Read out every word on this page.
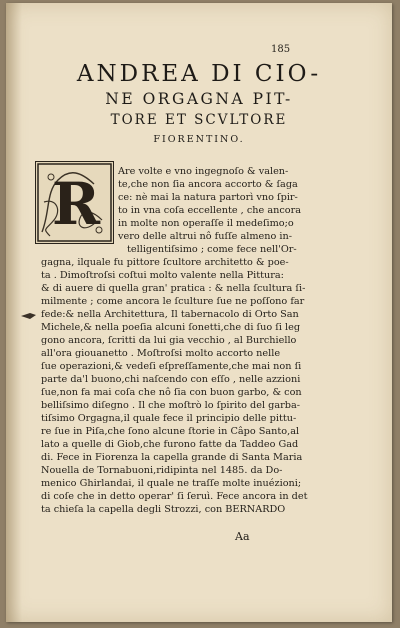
185
ANDREA DI CIO-
NE ORGAGNA PIT-
TORE ET SCVLTORE
FIORENTINO.
R Are volte e vno ingegnoſo & valen-
te,che non ſia ancora accorto & ſaga
ce: nè mai la natura partorì vno ſpir-
to in vna coſa eccellente , che ancora
in molte non operaſſe il medeſimo;o
vero delle altrui nô fuſſe almeno in-
telligentiſsimo ; come fece nell'Or-
gagna, ilquale fu pittore ſcultore architetto & poe-
ta . Dimoſtroſsi coſtui molto valente nella Pittura:
& di auere di quella gran' pratica : & nella ſcultura ſi-
milmente ; come ancora le ſculture ſue ne poſſono far
fede:& nella Architettura, Il tabernacolo di Orto San
Michele,& nella poeſia alcuni ſonetti,che di ſuo ſi leg
gono ancora, ſcritti da lui gia vecchio , al Burchiello
all'ora giouanetto . Moſtroſsi molto accorto nelle
ſue operazioni,& vedeſi eſpreſſamente,che mai non ſi
parte da'l buono,chi naſcendo con eſſo , nelle azzioni
ſue,non fa mai coſa che nô ſia con buon garbo, & con
belliſsimo diſegno . Il che moſtrò lo ſpirito del garba-
tiſsimo Orgagna,il quale fece il principio delle pittu-
re ſue in Piſa,che ſono alcune ſtorie in Câpo Santo,al
lato a quelle di Giob,che furono fatte da Taddeo Gad
di. Fece in Fiorenza la capella grande di Santa Maria
Nouella de Tornabuoni,ridipinta nel 1485. da Do-
menico Ghirlandai, il quale ne traſſe molte inuézioni;
di coſe che in detto operar' ſi ſeruì. Fece ancora in det
ta chieſa la capella degli Strozzi, con BERNARDO
Aa
